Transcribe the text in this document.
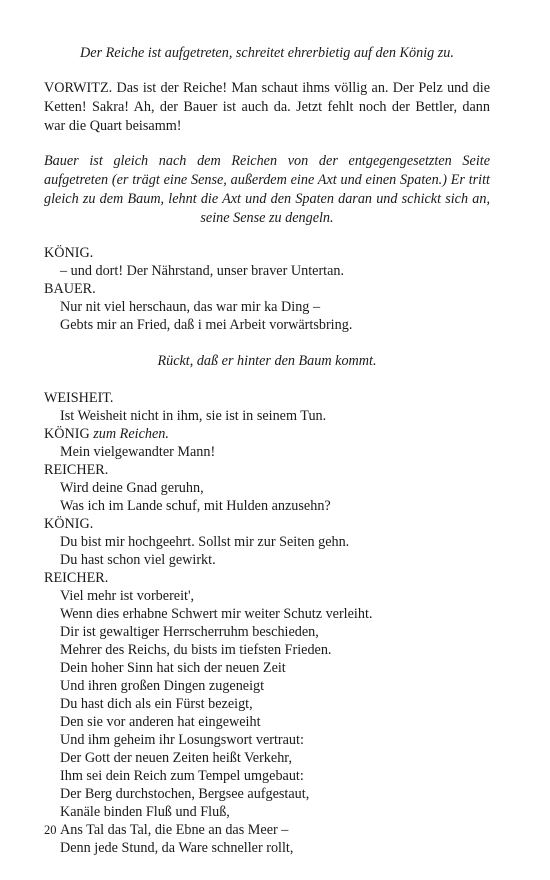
Der Reiche ist aufgetreten, schreitet ehrerbietig auf den König zu.
VORWITZ. Das ist der Reiche! Man schaut ihms völlig an. Der Pelz und die Ketten! Sakra! Ah, der Bauer ist auch da. Jetzt fehlt noch der Bettler, dann war die Quart beisamm!
Bauer ist gleich nach dem Reichen von der entgegengesetzten Seite aufgetreten (er trägt eine Sense, außerdem eine Axt und einen Spaten.) Er tritt gleich zu dem Baum, lehnt die Axt und den Spaten daran und schickt sich an, seine Sense zu dengeln.
KÖNIG.
– und dort! Der Nährstand, unser braver Untertan.
BAUER.
Nur nit viel herschaun, das war mir ka Ding –
Gebts mir an Fried, daß i mei Arbeit vorwärtsbring.
Rückt, daß er hinter den Baum kommt.
WEISHEIT.
Ist Weisheit nicht in ihm, sie ist in seinem Tun.
KÖNIG zum Reichen.
Mein vielgewandter Mann!
REICHER.
Wird deine Gnad geruhn,
Was ich im Lande schuf, mit Hulden anzusehn?
KÖNIG.
Du bist mir hochgeehrt. Sollst mir zur Seiten gehn.
Du hast schon viel gewirkt.
REICHER.
Viel mehr ist vorbereit',
Wenn dies erhabne Schwert mir weiter Schutz verleiht.
Dir ist gewaltiger Herrscherruhm beschieden,
Mehrer des Reichs, du bists im tiefsten Frieden.
Dein hoher Sinn hat sich der neuen Zeit
Und ihren großen Dingen zugeneigt
Du hast dich als ein Fürst bezeigt,
Den sie vor anderen hat eingeweiht
Und ihm geheim ihr Losungswort vertraut:
Der Gott der neuen Zeiten heißt Verkehr,
Ihm sei dein Reich zum Tempel umgebaut:
Der Berg durchstochen, Bergsee aufgestaut,
Kanäle binden Fluß und Fluß,
Ans Tal das Tal, die Ebne an das Meer –
Denn jede Stund, da Ware schneller rollt,
20
